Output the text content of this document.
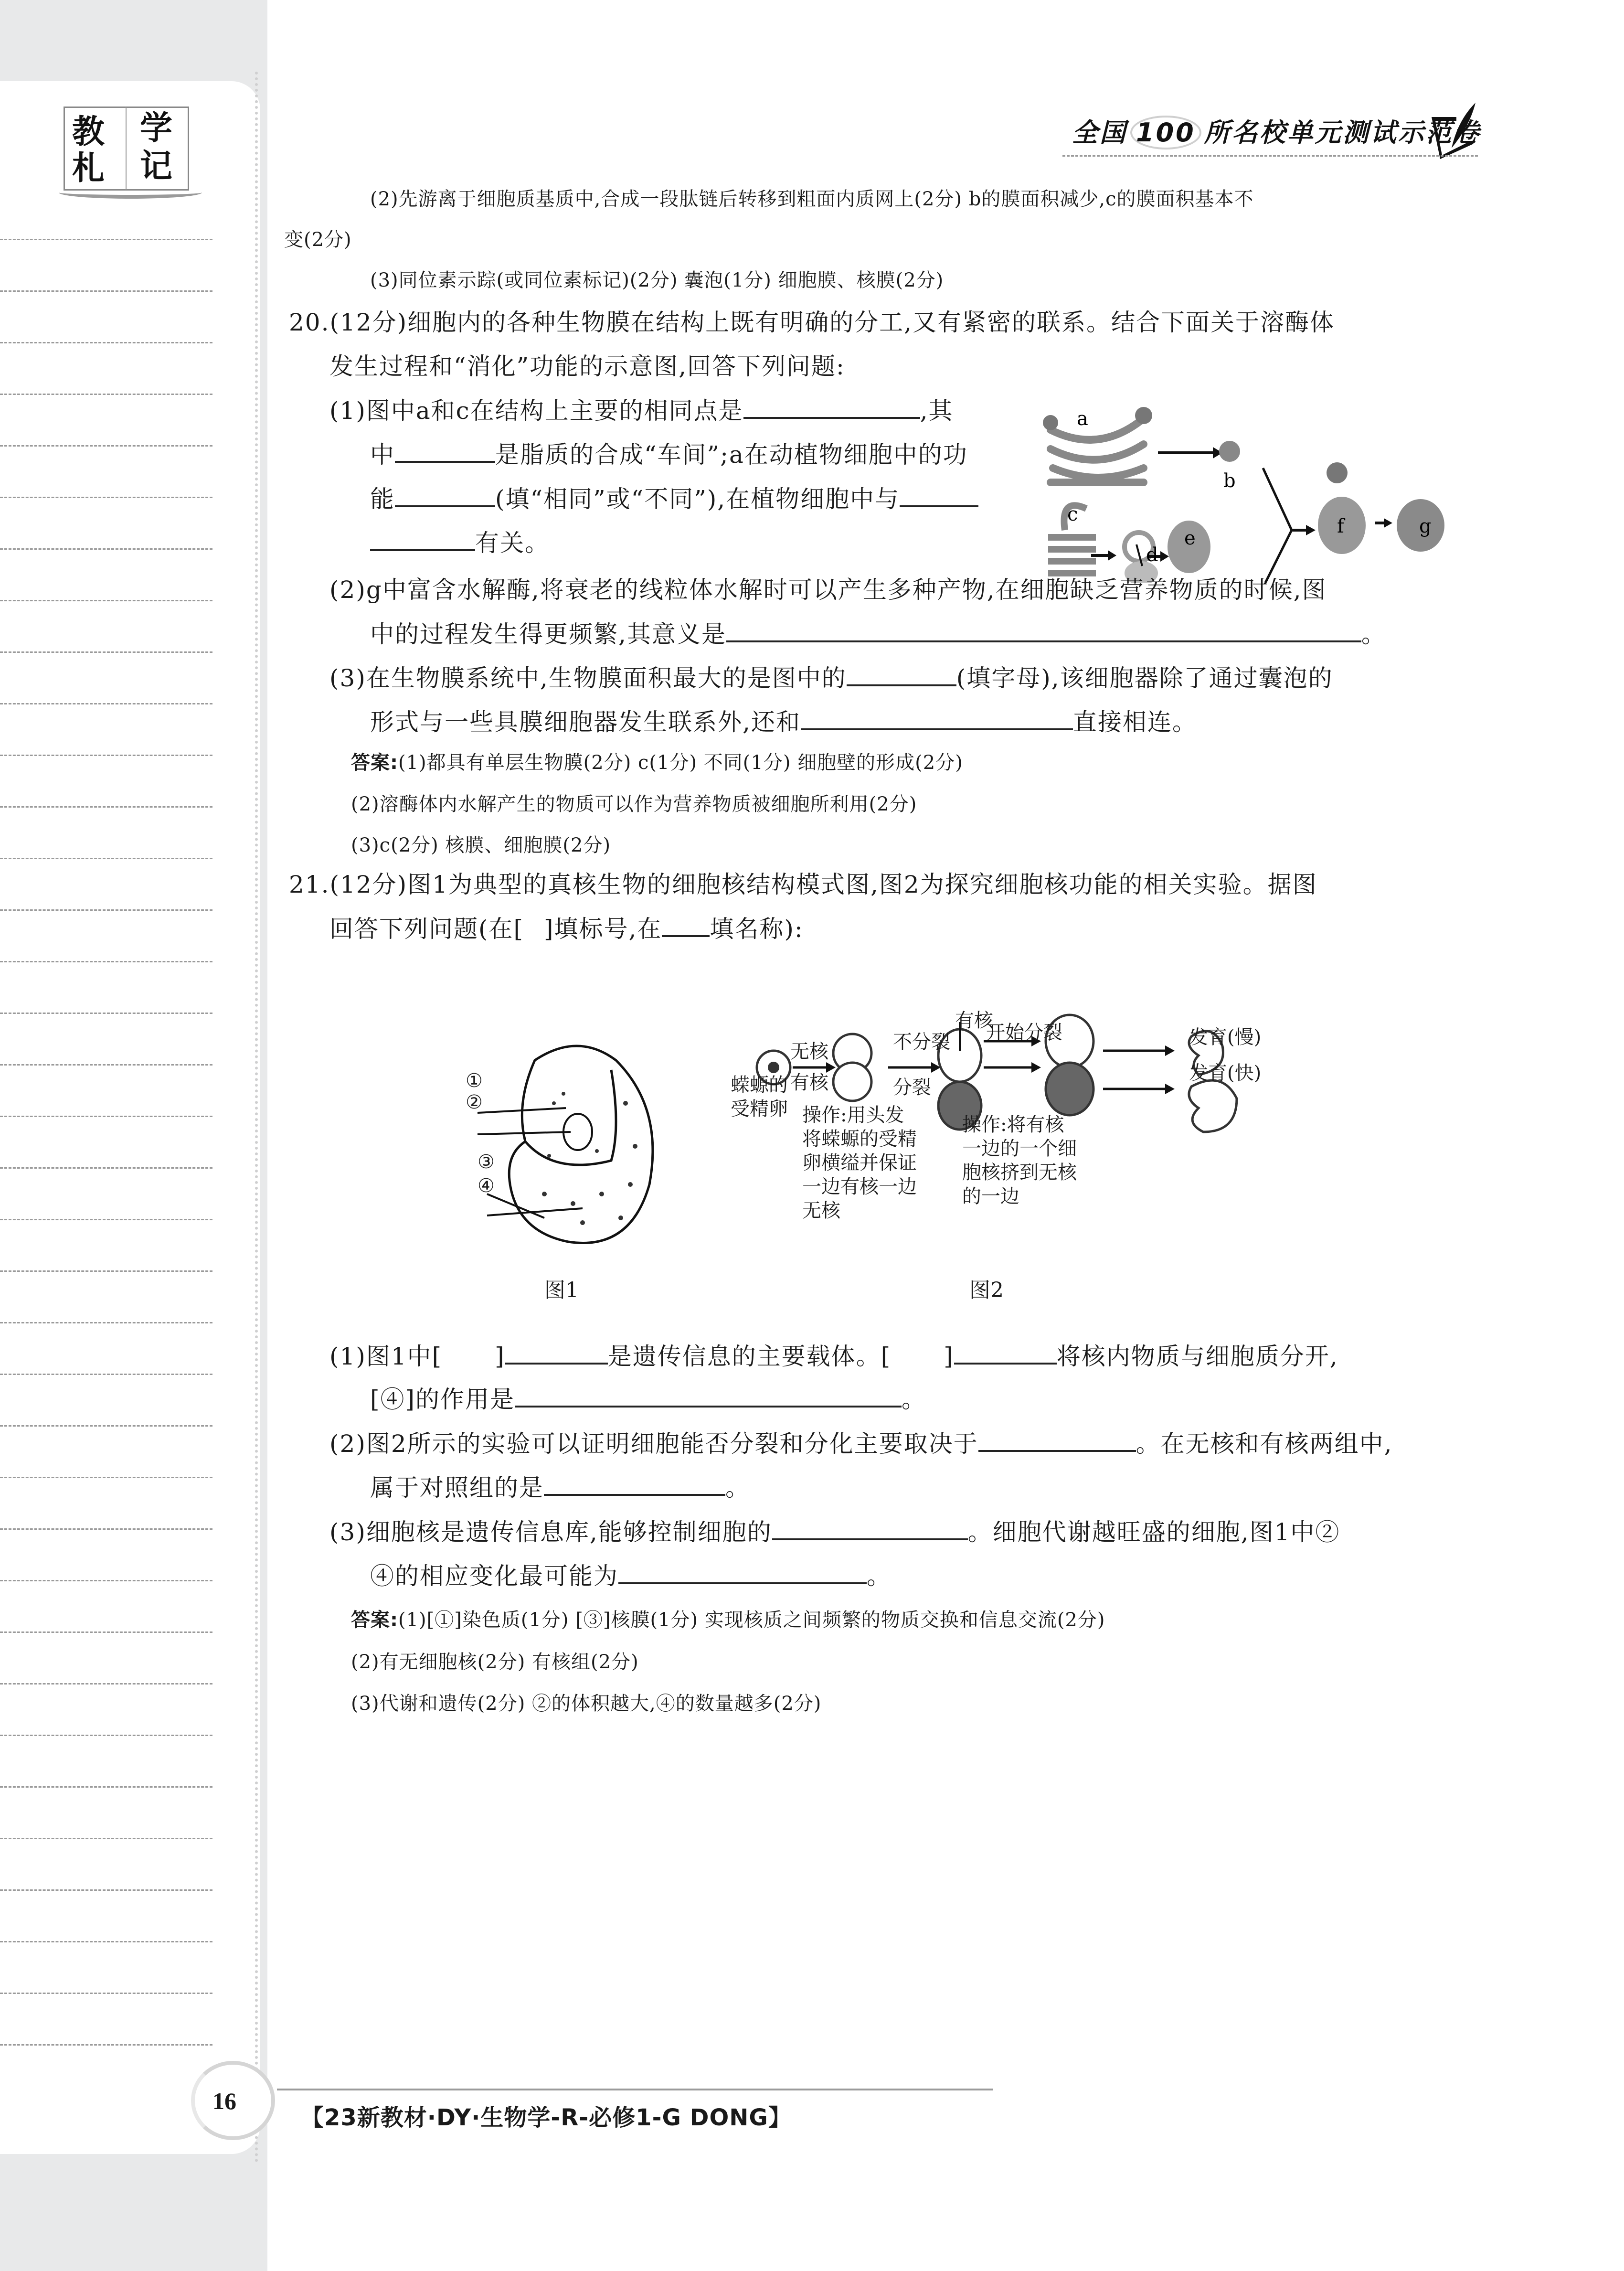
教 学
札 记
全国 100 所名校单元测试示范卷
(2)先游离于细胞质基质中,合成一段肽链后转移到粗面内质网上(2分) b的膜面积减少,c的膜面积基本不
变(2分)
(3)同位素示踪(或同位素标记)(2分) 囊泡(1分) 细胞膜、核膜(2分)
20.(12分)细胞内的各种生物膜在结构上既有明确的分工,又有紧密的联系。结合下面关于溶酶体
发生过程和“消化”功能的示意图,回答下列问题:
(1)图中a和c在结构上主要的相同点是	,其
中	是脂质的合成“车间”;a在动植物细胞中的功
能	(填“相同”或“不同”),在植物细胞中与
有关。
a
b
c
d
e
f	g
(2)g中富含水解酶,将衰老的线粒体水解时可以产生多种产物,在细胞缺乏营养物质的时候,图
中的过程发生得更频繁,其意义是	。
(3)在生物膜系统中,生物膜面积最大的是图中的	(填字母),该细胞器除了通过囊泡的
形式与一些具膜细胞器发生联系外,还和	直接相连。
答案:(1)都具有单层生物膜(2分) c(1分) 不同(1分) 细胞壁的形成(2分)
(2)溶酶体内水解产生的物质可以作为营养物质被细胞所利用(2分)
(3)c(2分) 核膜、细胞膜(2分)
21.(12分)图1为典型的真核生物的细胞核结构模式图,图2为探究细胞核功能的相关实验。据图
回答下列问题(在[ ]填标号,在 填名称):
①
②
③
④
图1
蝾螈的
受精卵
无核
有核
不分裂
分裂
操作:用头发
将蝾螈的受精
卵横缢并保证
一边有核一边
无核
有核
开始分裂
操作:将有核
一边的一个细
胞核挤到无核
的一边
发育(慢)
发育(快)
图2
(1)图1中[ ]	是遗传信息的主要载体。[ ]	将核内物质与细胞质分开,
[④]的作用是	。
(2)图2所示的实验可以证明细胞能否分裂和分化主要取决于	。在无核和有核两组中,
属于对照组的是	。
(3)细胞核是遗传信息库,能够控制细胞的	。细胞代谢越旺盛的细胞,图1中②
④的相应变化最可能为	。
答案:(1)[①]染色质(1分) [③]核膜(1分) 实现核质之间频繁的物质交换和信息交流(2分)
(2)有无细胞核(2分) 有核组(2分)
(3)代谢和遗传(2分) ②的体积越大,④的数量越多(2分)
16
【23新教材·DY·生物学-R-必修1-G DONG】
